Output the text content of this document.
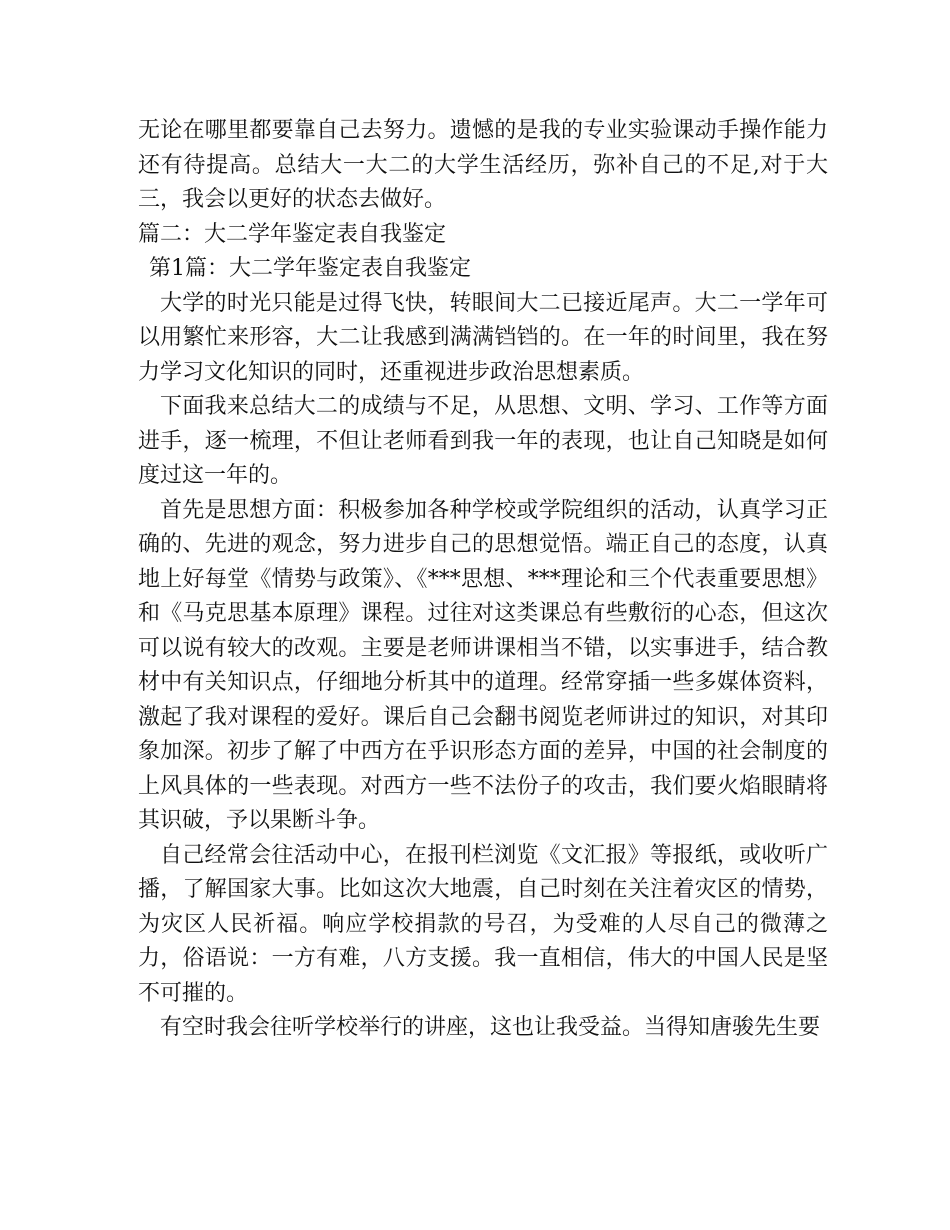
无论在哪里都要靠自己去努力。遗憾的是我的专业实验课动手操作能力还有待提高。总结大一大二的大学生活经历，弥补自己的不足,对于大三，我会以更好的状态去做好。

篇二：大二学年鉴定表自我鉴定

第1篇：大二学年鉴定表自我鉴定

大学的时光只能是过得飞快，转眼间大二已接近尾声。大二一学年可以用繁忙来形容，大二让我感到满满铛铛的。在一年的时间里，我在努力学习文化知识的同时，还重视进步政治思想素质。

下面我来总结大二的成绩与不足，从思想、文明、学习、工作等方面进手，逐一梳理，不但让老师看到我一年的表现，也让自己知晓是如何度过这一年的。

首先是思想方面：积极参加各种学校或学院组织的活动，认真学习正确的、先进的观念，努力进步自己的思想觉悟。端正自己的态度，认真地上好每堂《情势与政策》、《***思想、***理论和三个代表重要思想》和《马克思基本原理》课程。过往对这类课总有些敷衍的心态，但这次可以说有较大的改观。主要是老师讲课相当不错，以实事进手，结合教材中有关知识点，仔细地分析其中的道理。经常穿插一些多媒体资料，激起了我对课程的爱好。课后自己会翻书阅览老师讲过的知识，对其印象加深。初步了解了中西方在乎识形态方面的差异，中国的社会制度的上风具体的一些表现。对西方一些不法份子的攻击，我们要火焰眼睛将其识破，予以果断斗争。

自己经常会往活动中心，在报刊栏浏览《文汇报》等报纸，或收听广播，了解国家大事。比如这次大地震，自己时刻在关注着灾区的情势，为灾区人民祈福。响应学校捐款的号召，为受难的人尽自己的微薄之力，俗语说：一方有难，八方支援。我一直相信，伟大的中国人民是坚不可摧的。

有空时我会往听学校举行的讲座，这也让我受益。当得知唐骏先生要
